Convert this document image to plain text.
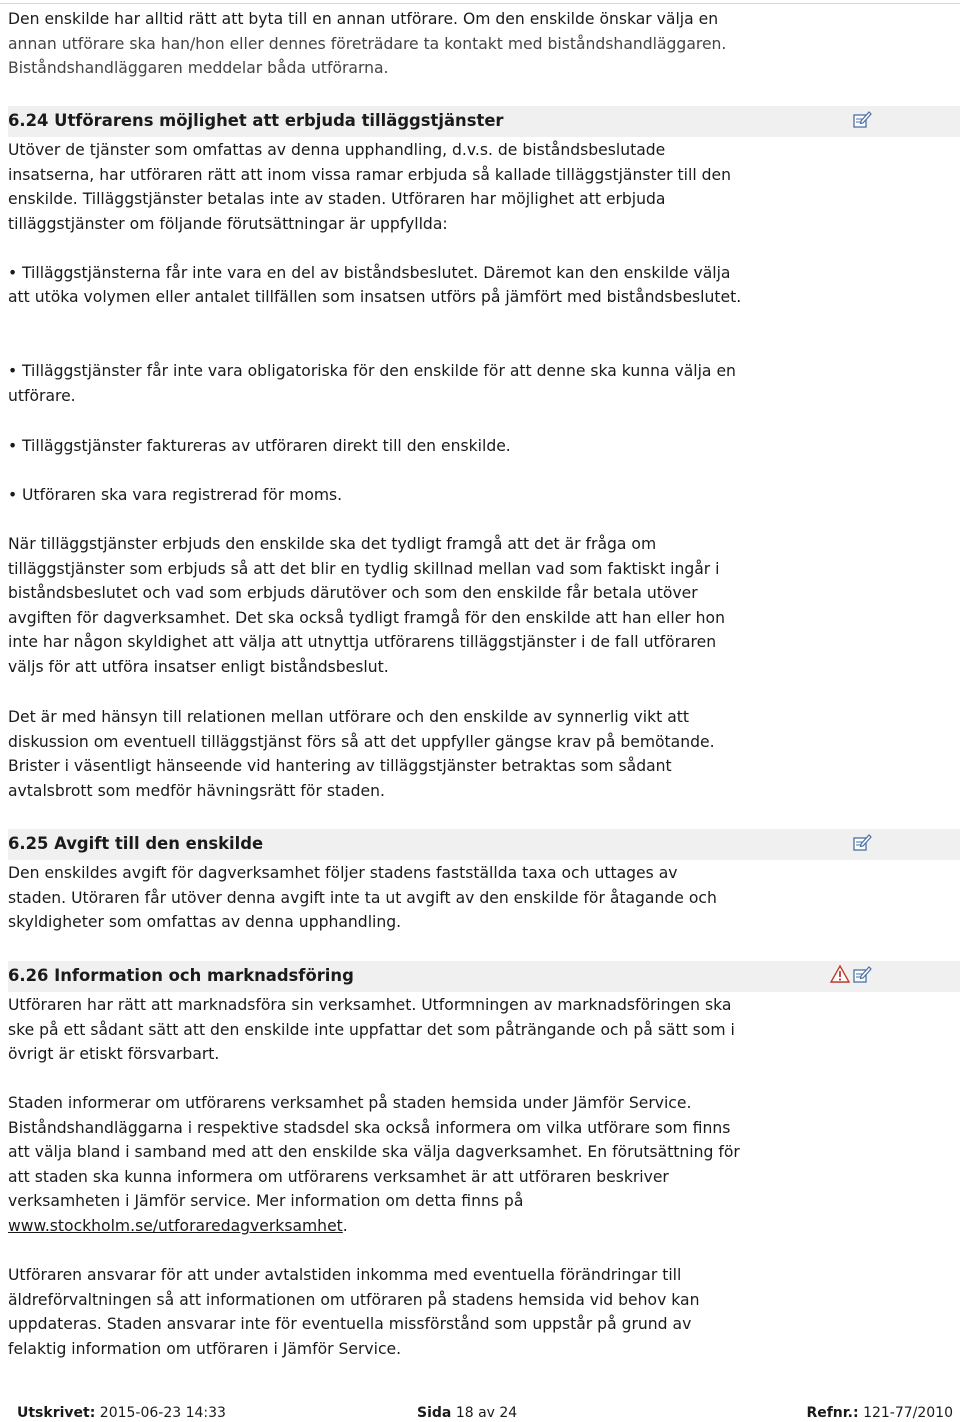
Den enskilde har alltid rätt att byta till en annan utförare. Om den enskilde önskar välja en

annan utförare ska han/hon eller dennes företrädare ta kontakt med biståndshandläggaren.

Biståndshandläggaren meddelar båda utförarna.

6.24 Utförarens möjlighet att erbjuda tilläggstjänster

Utöver de tjänster som omfattas av denna upphandling, d.v.s. de biståndsbeslutade

insatserna, har utföraren rätt att inom vissa ramar erbjuda så kallade tilläggstjänster till den

enskilde. Tilläggstjänster betalas inte av staden. Utföraren har möjlighet att erbjuda

tilläggstjänster om följande förutsättningar är uppfyllda:

• Tilläggstjänsterna får inte vara en del av biståndsbeslutet. Däremot kan den enskilde välja

att utöka volymen eller antalet tillfällen som insatsen utförs på jämfört med biståndsbeslutet.

• Tilläggstjänster får inte vara obligatoriska för den enskilde för att denne ska kunna välja en

utförare.

• Tilläggstjänster faktureras av utföraren direkt till den enskilde.
• Utföraren ska vara registrerad för moms.

När tilläggstjänster erbjuds den enskilde ska det tydligt framgå att det är fråga om

tilläggstjänster som erbjuds så att det blir en tydlig skillnad mellan vad som faktiskt ingår i

biståndsbeslutet och vad som erbjuds därutöver och som den enskilde får betala utöver

avgiften för dagverksamhet. Det ska också tydligt framgå för den enskilde att han eller hon

inte har någon skyldighet att välja att utnyttja utförarens tilläggstjänster i de fall utföraren

väljs för att utföra insatser enligt biståndsbeslut.

Det är med hänsyn till relationen mellan utförare och den enskilde av synnerlig vikt att

diskussion om eventuell tilläggstjänst förs så att det uppfyller gängse krav på bemötande.

Brister i väsentligt hänseende vid hantering av tilläggstjänster betraktas som sådant

avtalsbrott som medför hävningsrätt för staden.

6.25 Avgift till den enskilde

Den enskildes avgift för dagverksamhet följer stadens fastställda taxa och uttages av

staden. Utöraren får utöver denna avgift inte ta ut avgift av den enskilde för åtagande och

skyldigheter som omfattas av denna upphandling.

6.26 Information och marknadsföring

Utföraren har rätt att marknadsföra sin verksamhet. Utformningen av marknadsföringen ska

ske på ett sådant sätt att den enskilde inte uppfattar det som påträngande och på sätt som i

övrigt är etiskt försvarbart.

Staden informerar om utförarens verksamhet på staden hemsida under Jämför Service.

Biståndshandläggarna i respektive stadsdel ska också informera om vilka utförare som finns

att välja bland i samband med att den enskilde ska välja dagverksamhet. En förutsättning för

att staden ska kunna informera om utförarens verksamhet är att utföraren beskriver

verksamheten i Jämför service. Mer information om detta finns på

www.stockholm.se/utforaredagverksamhet.

Utföraren ansvarar för att under avtalstiden inkomma med eventuella förändringar till

äldreförvaltningen så att informationen om utföraren på stadens hemsida vid behov kan

uppdateras. Staden ansvarar inte för eventuella missförstånd som uppstår på grund av

felaktig information om utföraren i Jämför Service.

Utskrivet: 2015-06-23 14:33	Sida 18 av 24	Refnr.: 121-77/2010
